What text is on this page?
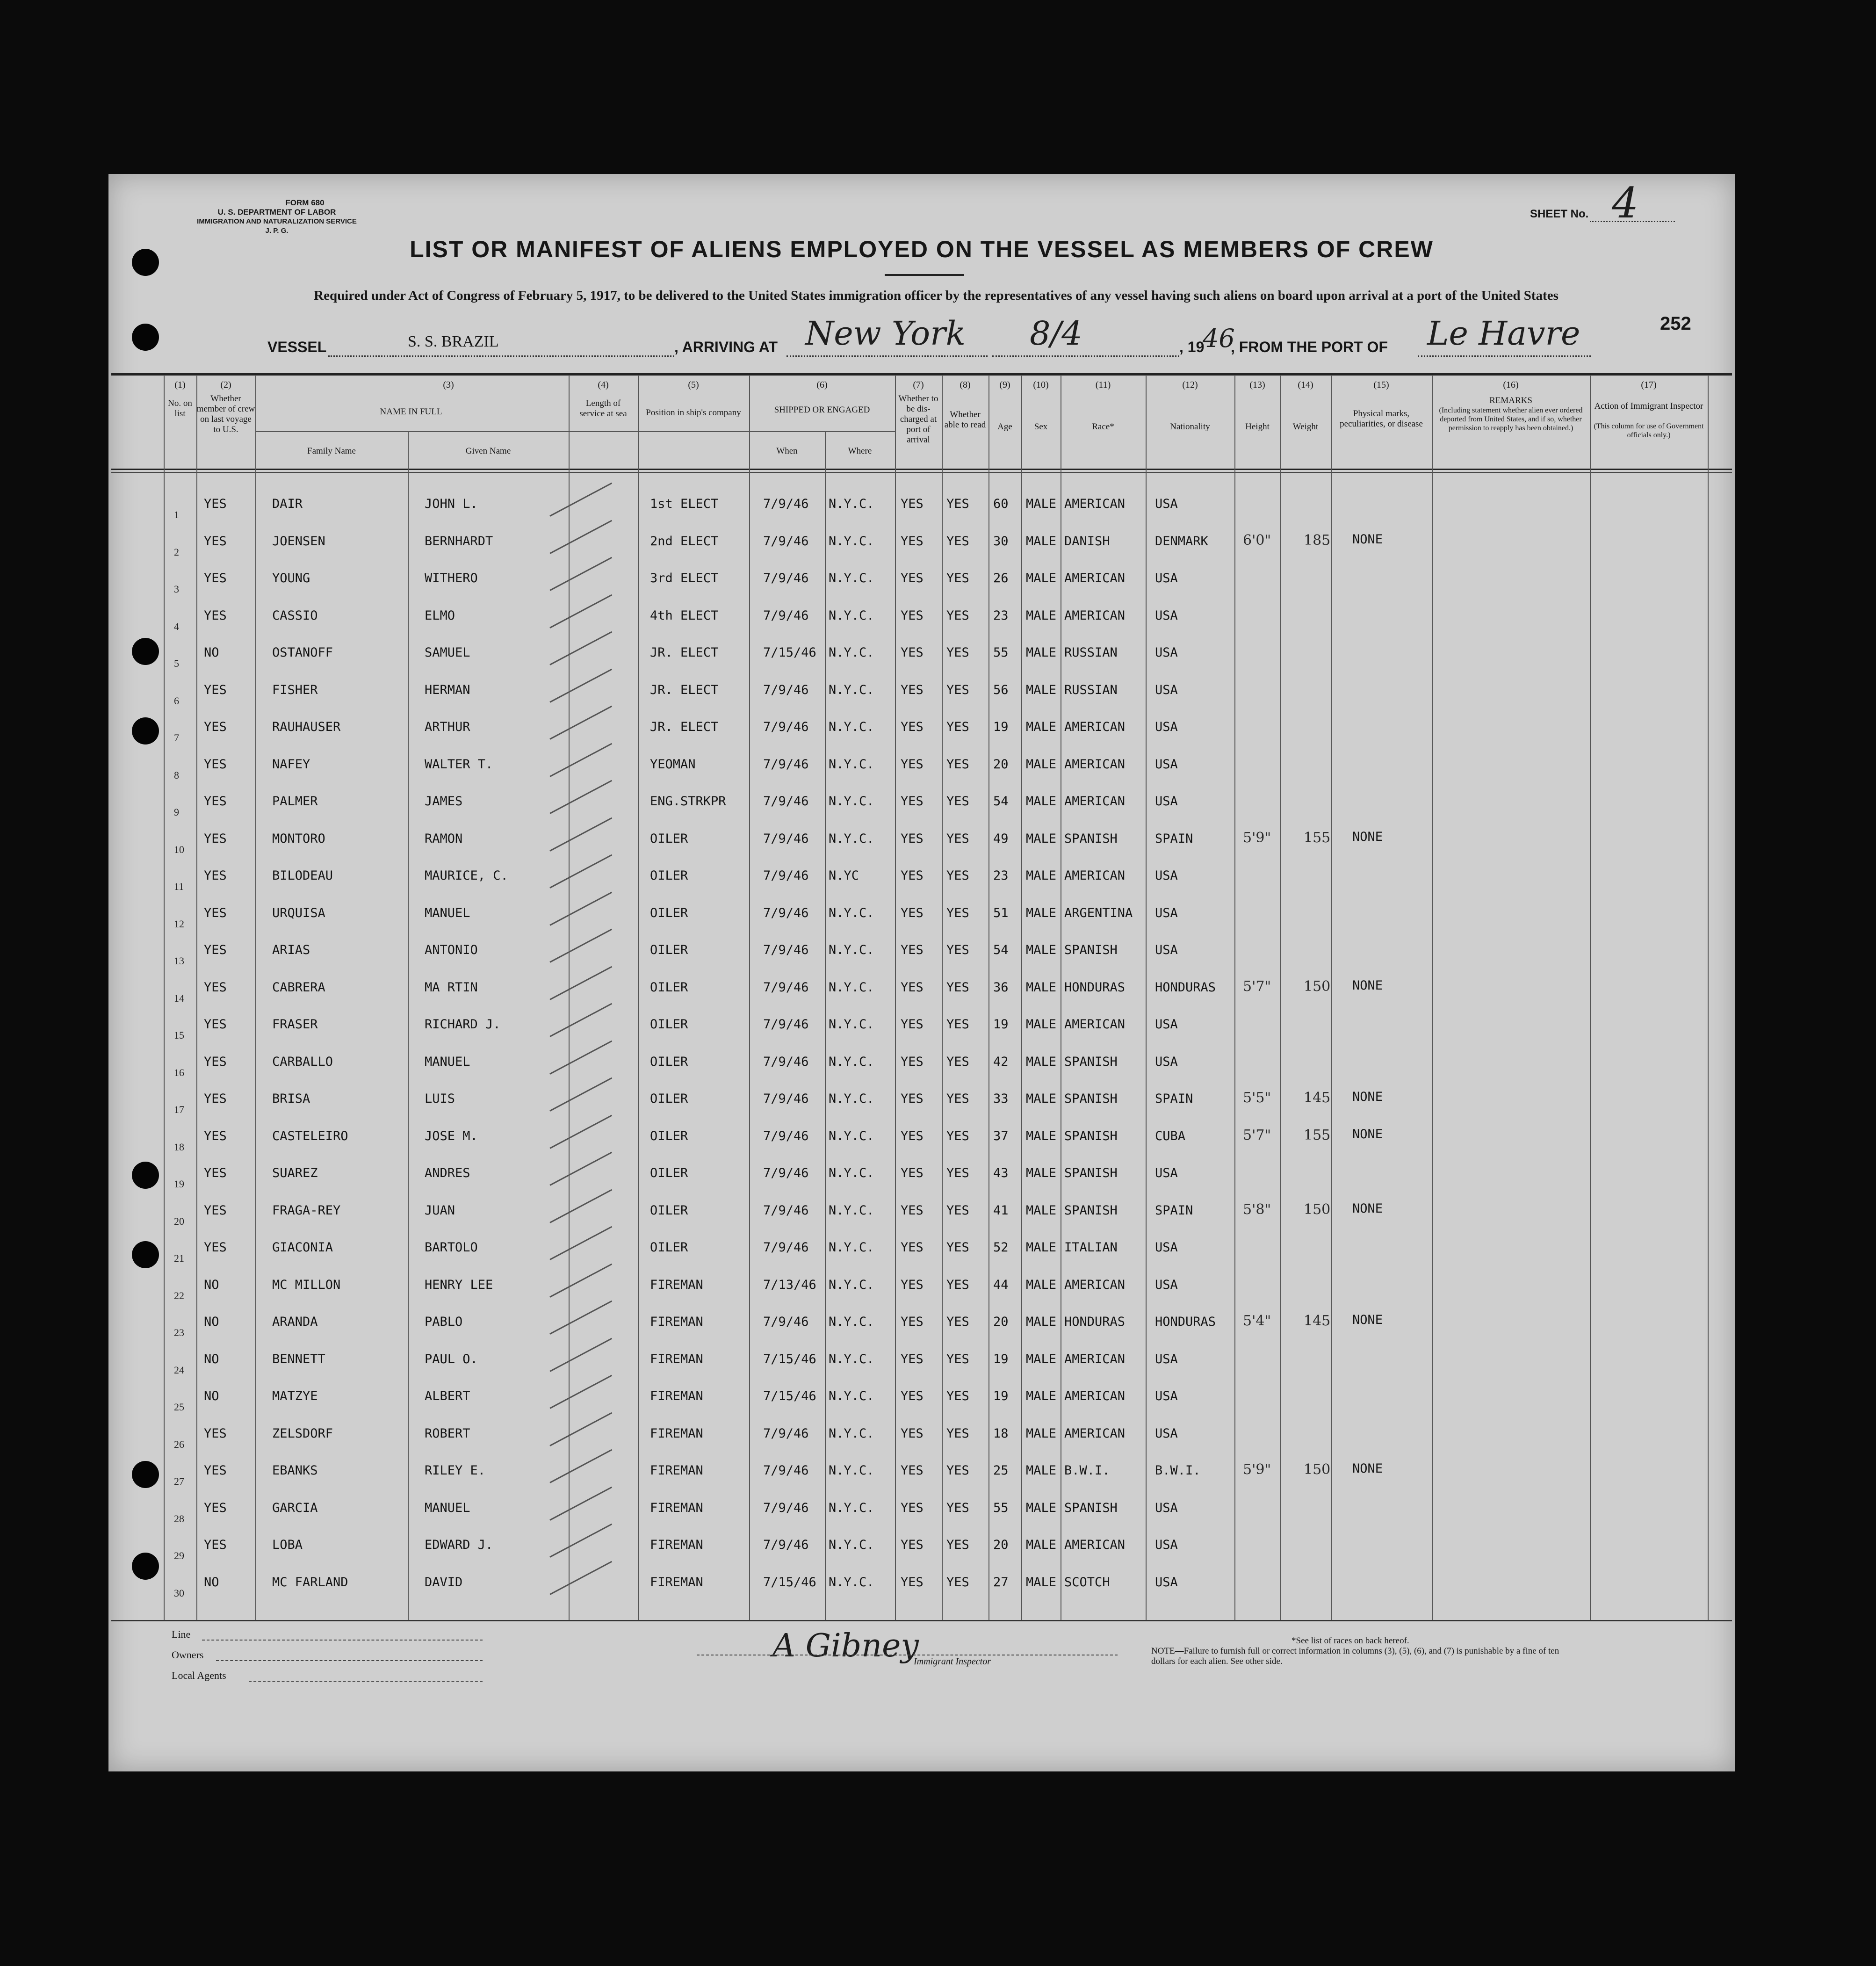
FORM 680
U. S. DEPARTMENT OF LABOR
IMMIGRATION AND NATURALIZATION SERVICE
J. P. G.
SHEET No. 4
LIST OR MANIFEST OF ALIENS EMPLOYED ON THE VESSEL AS MEMBERS OF CREW
Required under Act of Congress of February 5, 1917, to be delivered to the United States immigration officer by the representatives of any vessel having such aliens on board upon arrival at a port of the United States
252
VESSEL	S. S. BRAZIL	, ARRIVING AT New York 8/4	, 19
46
, FROM THE PORT OF Le Havre
(1)
No. on list
(2)
Whether member of crew on last voyage to U.S.
(3)
NAME IN FULL
Family Name	Given Name
(4)
Length of service at sea
(5)
Position in ship's company
(6)
SHIPPED OR ENGAGED
When	Where
(7)
Whether to be dis-charged at port of arrival
(8)
Whether able to read
(9)
Age
(10)
Sex
(11)
Race*
(12)
Nationality
(13)
Height
(14)
Weight
(15)
Physical marks, peculiarities, or disease
(16)
REMARKS
(Including statement whether alien ever ordered deported from United States, and if so, whether permission to reapply has been obtained.)
(17)
Action of Immigrant Inspector
(This column for use of Government officials only.)
1
YES	DAIR	JOHN L.	1st ELECT	7/9/46 N.Y.C. YES YES 60 MALE AMERICAN USA
2
YES	JOENSEN	BERNHARDT	2nd ELECT	7/9/46 N.Y.C. YES YES 30 MALE DANISH	DENMARK 6'0" 185 NONE
3
YES	YOUNG	WITHERO	3rd ELECT	7/9/46 N.Y.C. YES YES 26 MALE AMERICAN USA
4
YES	CASSIO	ELMO	4th ELECT	7/9/46 N.Y.C. YES YES 23 MALE AMERICAN USA
5
NO	OSTANOFF	SAMUEL	JR. ELECT	7/15/46 N.Y.C. YES YES 55 MALE RUSSIAN	USA
6
YES	FISHER	HERMAN	JR. ELECT	7/9/46 N.Y.C. YES YES 56 MALE RUSSIAN	USA
7
YES	RAUHAUSER	ARTHUR	JR. ELECT	7/9/46 N.Y.C. YES YES 19 MALE AMERICAN USA
8
YES	NAFEY	WALTER T.	YEOMAN	7/9/46 N.Y.C. YES YES 20 MALE AMERICAN USA
9
YES	PALMER	JAMES	ENG.STRKPR	7/9/46 N.Y.C. YES YES 54 MALE AMERICAN USA
10
YES	MONTORO	RAMON	OILER	7/9/46 N.Y.C. YES YES 49 MALE SPANISH	SPAIN	5'9" 155 NONE
11
YES	BILODEAU	MAURICE, C.	OILER	7/9/46 N.YC	YES YES 23 MALE AMERICAN USA
12
YES	URQUISA	MANUEL	OILER	7/9/46 N.Y.C. YES YES 51 MALE ARGENTINA USA
13
YES	ARIAS	ANTONIO	OILER	7/9/46 N.Y.C. YES YES 54 MALE SPANISH	USA
14
YES	CABRERA	MA RTIN	OILER	7/9/46 N.Y.C. YES YES 36 MALE HONDURAS HONDURAS 5'7" 150 NONE
15
YES	FRASER	RICHARD J.	OILER	7/9/46 N.Y.C. YES YES 19 MALE AMERICAN USA
16
YES	CARBALLO	MANUEL	OILER	7/9/46 N.Y.C. YES YES 42 MALE SPANISH	USA
17
YES	BRISA	LUIS	OILER	7/9/46 N.Y.C. YES YES 33 MALE SPANISH	SPAIN	5'5" 145 NONE
18
YES	CASTELEIRO	JOSE M.	OILER	7/9/46 N.Y.C. YES YES 37 MALE SPANISH	CUBA	5'7" 155 NONE
19
YES	SUAREZ	ANDRES	OILER	7/9/46 N.Y.C. YES YES 43 MALE SPANISH	USA
20
YES	FRAGA-REY	JUAN	OILER	7/9/46 N.Y.C. YES YES 41 MALE SPANISH	SPAIN	5'8" 150 NONE
21
YES	GIACONIA	BARTOLO	OILER	7/9/46 N.Y.C. YES YES 52 MALE ITALIAN	USA
22
NO	MC MILLON	HENRY LEE	FIREMAN	7/13/46 N.Y.C. YES YES 44 MALE AMERICAN USA
23
NO	ARANDA	PABLO	FIREMAN	7/9/46 N.Y.C. YES YES 20 MALE HONDURAS HONDURAS 5'4" 145 NONE
24
NO	BENNETT	PAUL O.	FIREMAN	7/15/46 N.Y.C. YES YES 19 MALE AMERICAN USA
25
NO	MATZYE	ALBERT	FIREMAN	7/15/46 N.Y.C. YES YES 19 MALE AMERICAN USA
26
YES	ZELSDORF	ROBERT	FIREMAN	7/9/46 N.Y.C. YES YES 18 MALE AMERICAN USA
27
YES	EBANKS	RILEY E.	FIREMAN	7/9/46 N.Y.C. YES YES 25 MALE B.W.I.	B.W.I.	5'9" 150 NONE
28
YES	GARCIA	MANUEL	FIREMAN	7/9/46 N.Y.C. YES YES 55 MALE SPANISH	USA
29
YES	LOBA	EDWARD J.	FIREMAN	7/9/46 N.Y.C. YES YES 20 MALE AMERICAN USA
30
NO	MC FARLAND	DAVID	FIREMAN	7/15/46 N.Y.C. YES YES 27 MALE SCOTCH	USA
Line
Owners
Local Agents
A Gibney
Immigrant Inspector
*See list of races on back hereof.
NOTE—Failure to furnish full or correct information in columns (3), (5), (6), and (7) is punishable by a fine of ten dollars for each alien. See other side.
